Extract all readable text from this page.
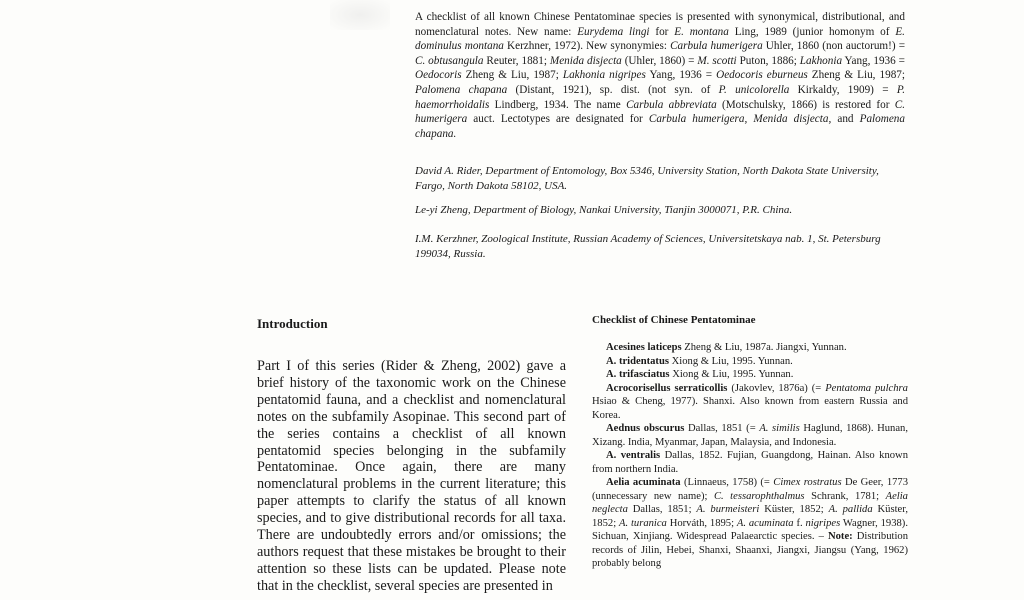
A checklist of all known Chinese Pentatominae species is presented with synonymical, distributional, and nomenclatural notes. New name: Eurydema lingi for E. montana Ling, 1989 (junior homonym of E. dominulus montana Kerzhner, 1972). New synonymies: Carbula humerigera Uhler, 1860 (non auctorum!) = C. obtusangula Reuter, 1881; Menida disjecta (Uhler, 1860) = M. scotti Puton, 1886; Lakhonia Yang, 1936 = Oedocoris Zheng & Liu, 1987; Lakhonia nigripes Yang, 1936 = Oedocoris eburneus Zheng & Liu, 1987; Palomena chapana (Distant, 1921), sp. dist. (not syn. of P. unicolorella Kirkaldy, 1909) = P. haemorrhoidalis Lindberg, 1934. The name Carbula abbreviata (Motschulsky, 1866) is restored for C. humerigera auct. Lectotypes are designated for Carbula humerigera, Menida disjecta, and Palomena chapana.

David A. Rider, Department of Entomology, Box 5346, University Station, North Dakota State University, Fargo, North Dakota 58102, USA.

Le-yi Zheng, Department of Biology, Nankai University, Tianjin 3000071, P.R. China.

I.M. Kerzhner, Zoological Institute, Russian Academy of Sciences, Universitetskaya nab. 1, St. Petersburg 199034, Russia.

Introduction

Part I of this series (Rider & Zheng, 2002) gave a brief history of the taxonomic work on the Chinese pentatomid fauna, and a checklist and nomenclatural notes on the subfamily Asopinae. This second part of the series contains a checklist of all known pentatomid species belonging in the subfamily Pentatominae. Once again, there are many nomenclatural problems in the current literature; this paper attempts to clarify the status of all known species, and to give distributional records for all taxa. There are undoubtedly errors and/or omissions; the authors request that these mistakes be brought to their attention so these lists can be updated. Please note that in the checklist, several species are presented in

Checklist of Chinese Pentatominae

Acesines laticeps Zheng & Liu, 1987a. Jiangxi, Yunnan.

A. tridentatus Xiong & Liu, 1995. Yunnan.

A. trifasciatus Xiong & Liu, 1995. Yunnan.

Acrocorisellus serraticollis (Jakovlev, 1876a) (= Pentatoma pulchra Hsiao & Cheng, 1977). Shanxi. Also known from eastern Russia and Korea.

Aednus obscurus Dallas, 1851 (= A. similis Haglund, 1868). Hunan, Xizang. India, Myanmar, Japan, Malaysia, and Indonesia.

A. ventralis Dallas, 1852. Fujian, Guangdong, Hainan. Also known from northern India.

Aelia acuminata (Linnaeus, 1758) (= Cimex rostratus De Geer, 1773 (unnecessary new name); C. tessarophthalmus Schrank, 1781; Aelia neglecta Dallas, 1851; A. burmeisteri Küster, 1852; A. pallida Küster, 1852; A. turanica Horváth, 1895; A. acuminata f. nigripes Wagner, 1938). Sichuan, Xinjiang. Widespread Palaearctic species. – Note: Distribution records of Jilin, Hebei, Shanxi, Shaanxi, Jiangxi, Jiangsu (Yang, 1962) probably belong
